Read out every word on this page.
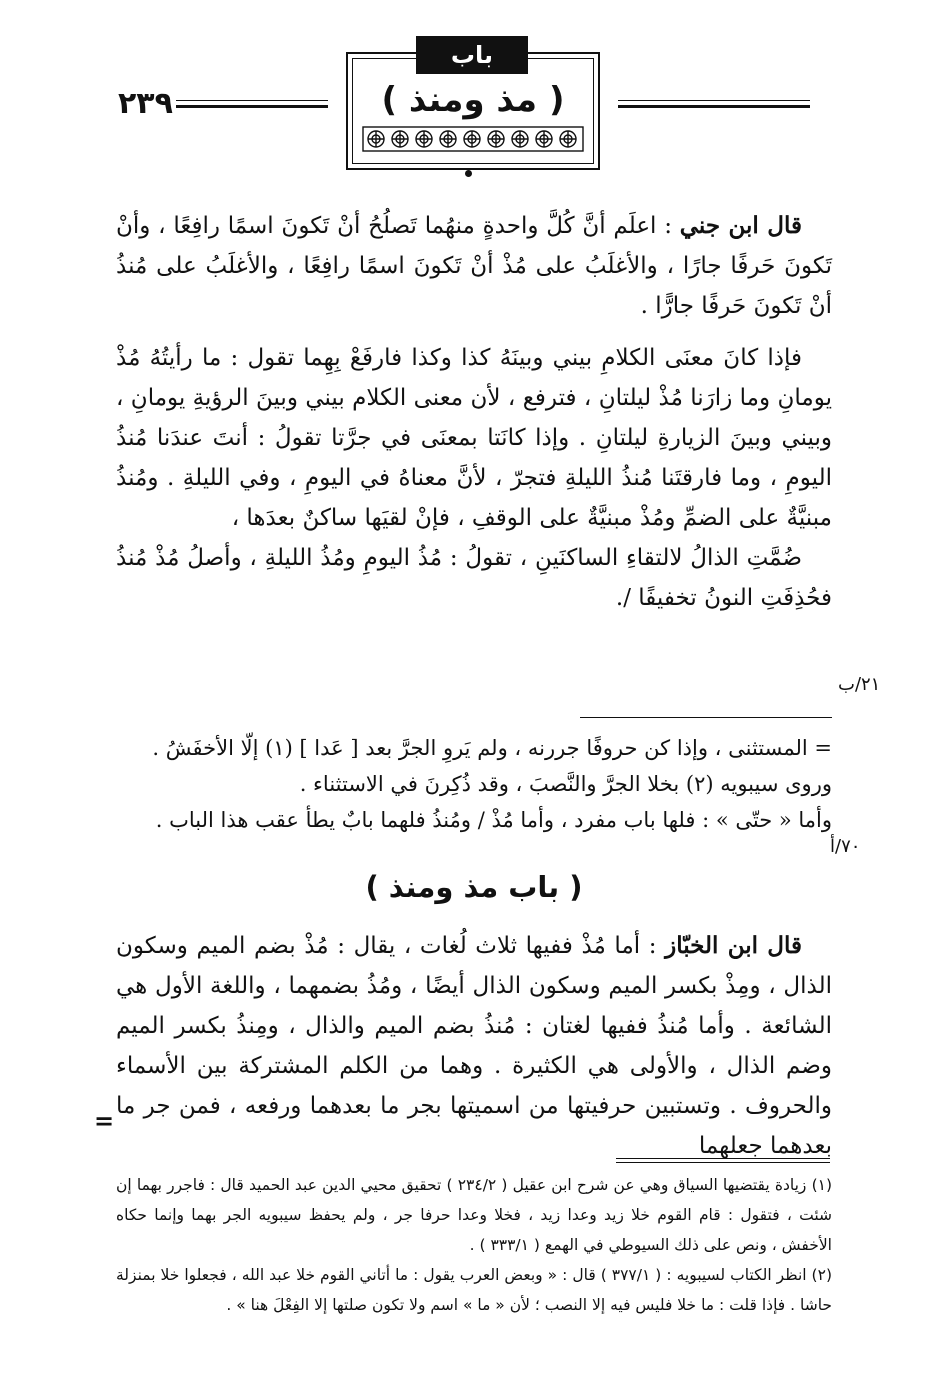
٢٣٩
باب
( مذ ومنذ )

قال ابن جني : اعلَم أنَّ كُلَّ واحدةٍ منهُما تَصلُحُ أنْ تَكونَ اسمًا رافِعًا ، وأنْ تَكونَ حَرفًا جارًا ، والأغلَبُ على مُذْ أنْ تَكونَ اسمًا رافِعًا ، والأغلَبُ على مُنذُ أنْ تَكونَ حَرفًا جارًّا .

فإذا كانَ معنَى الكلامِ بيني وبينَهُ كذا وكذا فارفَعْ بِهِما تقول : ما رأيتُهُ مُذْ يومانِ وما زارَنا مُذْ ليلتانِ ، فترفع ، لأن معنى الكلام بيني وبينَ الرؤيةِ يومانِ ، وبيني وبينَ الزيارةِ ليلتانِ . وإذا كانَتا بمعنَى في جرَّتا تقولُ : أنتَ عندَنا مُنذُ اليومِ ، وما فارقتَنا مُنذُ الليلةِ فتجرّ ، لأنَّ معناهُ في اليومِ ، وفي الليلةِ . ومُنذُ مبنيَّةٌ على الضمِّ ومُذْ مبنيَّةٌ على الوقفِ ، فإنْ لقيَها ساكنٌ بعدَها ،

ضُمَّتِ الذالُ لالتقاءِ الساكنَينِ ، تقولُ : مُذُ اليومِ ومُذُ الليلةِ ، وأصلُ مُذْ مُنذُ فحُذِفَتِ النونُ تخفيفًا /.

٢١/ب

= المستثنى ، وإذا كن حروفًا جررنه ، ولم يَروِ الجرَّ بعد [ عَدا ] (١) إلّا الأخفَشُ .

وروى سيبويه (٢) بخلا الجرَّ والنَّصبَ ، وقد ذُكِرنَ في الاستثناء .

وأما « حتّى » : فلها باب مفرد ، وأما مُذْ / ومُنذُ فلهما بابٌ يطأ عقب هذا الباب .

٧٠/أ
( باب مذ ومنذ )

قال ابن الخبّاز : أما مُذْ ففيها ثلاث لُغات ، يقال : مُذْ بضم الميم وسكون الذال ، ومِذْ بكسر الميم وسكون الذال أيضًا ، ومُذُ بضمهما ، واللغة الأول هي الشائعة . وأما مُنذُ ففيها لغتان : مُنذُ بضم الميم والذال ، ومِنذُ بكسر الميم وضم الذال ، والأولى هي الكثيرة . وهما من الكلم المشتركة بين الأسماء والحروف . وتستبين حرفيتها من اسميتها بجر ما بعدهما ورفعه ، فمن جر ما بعدهما جعلهما

=

(١) زيادة يقتضيها السياق وهي عن شرح ابن عقيل ( ٢٣٤/٢ ) تحقيق محيي الدين عبد الحميد قال : فاجرر بهما إن شئت ، فتقول : قام القوم خلا زيد وعدا زيد ، فخلا وعدا حرفا جر ، ولم يحفظ سيبويه الجر بهما وإنما حكاه الأخفش ، ونص على ذلك السيوطي في الهمع ( ٣٣٣/١ ) .

(٢) انظر الكتاب لسيبويه : ( ٣٧٧/١ ) قال : « وبعض العرب يقول : ما أتاني القوم خلا عبد الله ، فجعلوا خلا بمنزلة حاشا . فإذا قلت : ما خلا فليس فيه إلا النصب ؛ لأن « ما » اسم ولا تكون صلتها إلا الفِعْلَ هنا » .
